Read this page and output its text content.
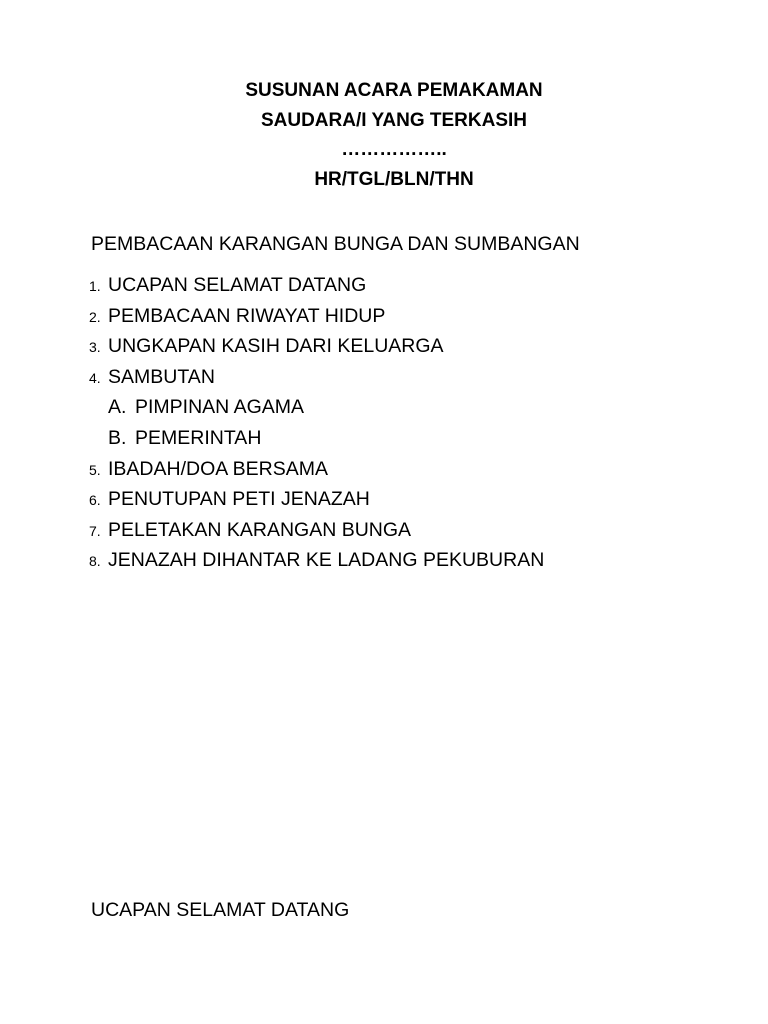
SUSUNAN ACARA PEMAKAMAN
SAUDARA/I YANG TERKASIH
……………..
HR/TGL/BLN/THN
PEMBACAAN KARANGAN BUNGA DAN SUMBANGAN
1. UCAPAN SELAMAT DATANG
2. PEMBACAAN RIWAYAT HIDUP
3. UNGKAPAN KASIH DARI KELUARGA
4. SAMBUTAN
A. PIMPINAN AGAMA
B. PEMERINTAH
5. IBADAH/DOA BERSAMA
6. PENUTUPAN PETI JENAZAH
7. PELETAKAN KARANGAN BUNGA
8. JENAZAH DIHANTAR KE LADANG PEKUBURAN
UCAPAN SELAMAT DATANG
